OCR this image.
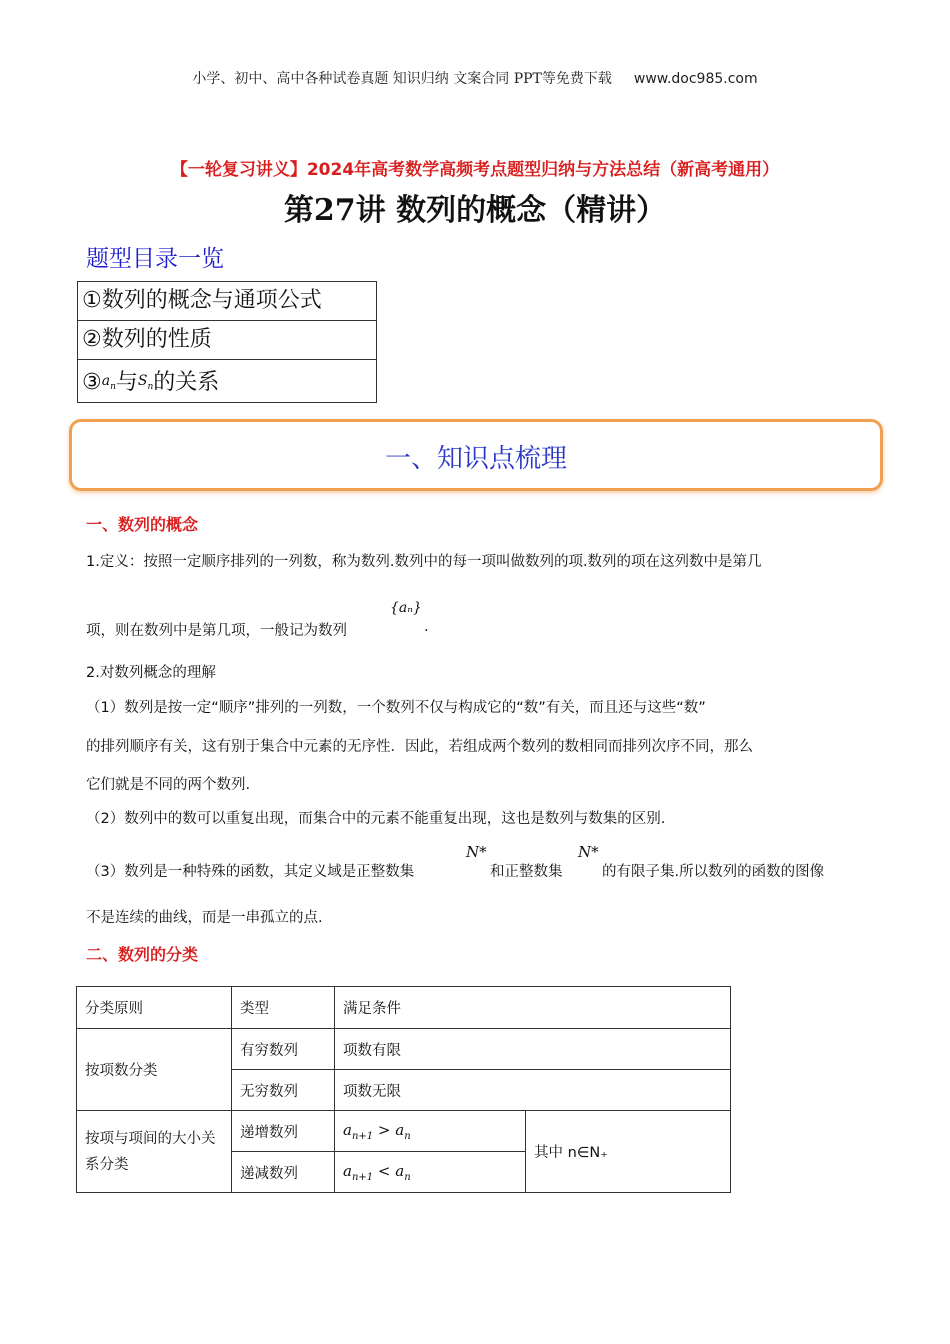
小学、初中、高中各种试卷真题 知识归纳 文案合同 PPT等免费下载 www.doc985.com
【一轮复习讲义】2024年高考数学高频考点题型归纳与方法总结（新高考通用）
第27讲 数列的概念（精讲）
题型目录一览
①数列的概念与通项公式
②数列的性质
$③a_n$与$S_n$的关系
一、知识点梳理
一、数列的概念
1.定义：按照一定顺序排列的一列数，称为数列.数列中的每一项叫做数列的项.数列的项在这列数中是第几
项，则在数列中是第几项，一般记为数列
{aₙ}
.
2.对数列概念的理解
（1）数列是按一定“顺序”排列的一列数，一个数列不仅与构成它的“数”有关，而且还与这些“数”
的排列顺序有关，这有别于集合中元素的无序性．因此，若组成两个数列的数相同而排列次序不同，那么
它们就是不同的两个数列.
（2）数列中的数可以重复出现，而集合中的元素不能重复出现，这也是数列与数集的区别.
（3）数列是一种特殊的函数，其定义域是正整数集
N*
和正整数集
N*
的有限子集.所以数列的函数的图像
不是连续的曲线，而是一串孤立的点.
二、数列的分类
分类原则	类型	满足条件	
按项数分类	有穷数列	项数有限	
	无穷数列	项数无限	
按项与项间的大小关系分类	递增数列	$a_{n+1} > a_n$	其中 n∈N₊
	递减数列	$a_{n+1} < a_n$
